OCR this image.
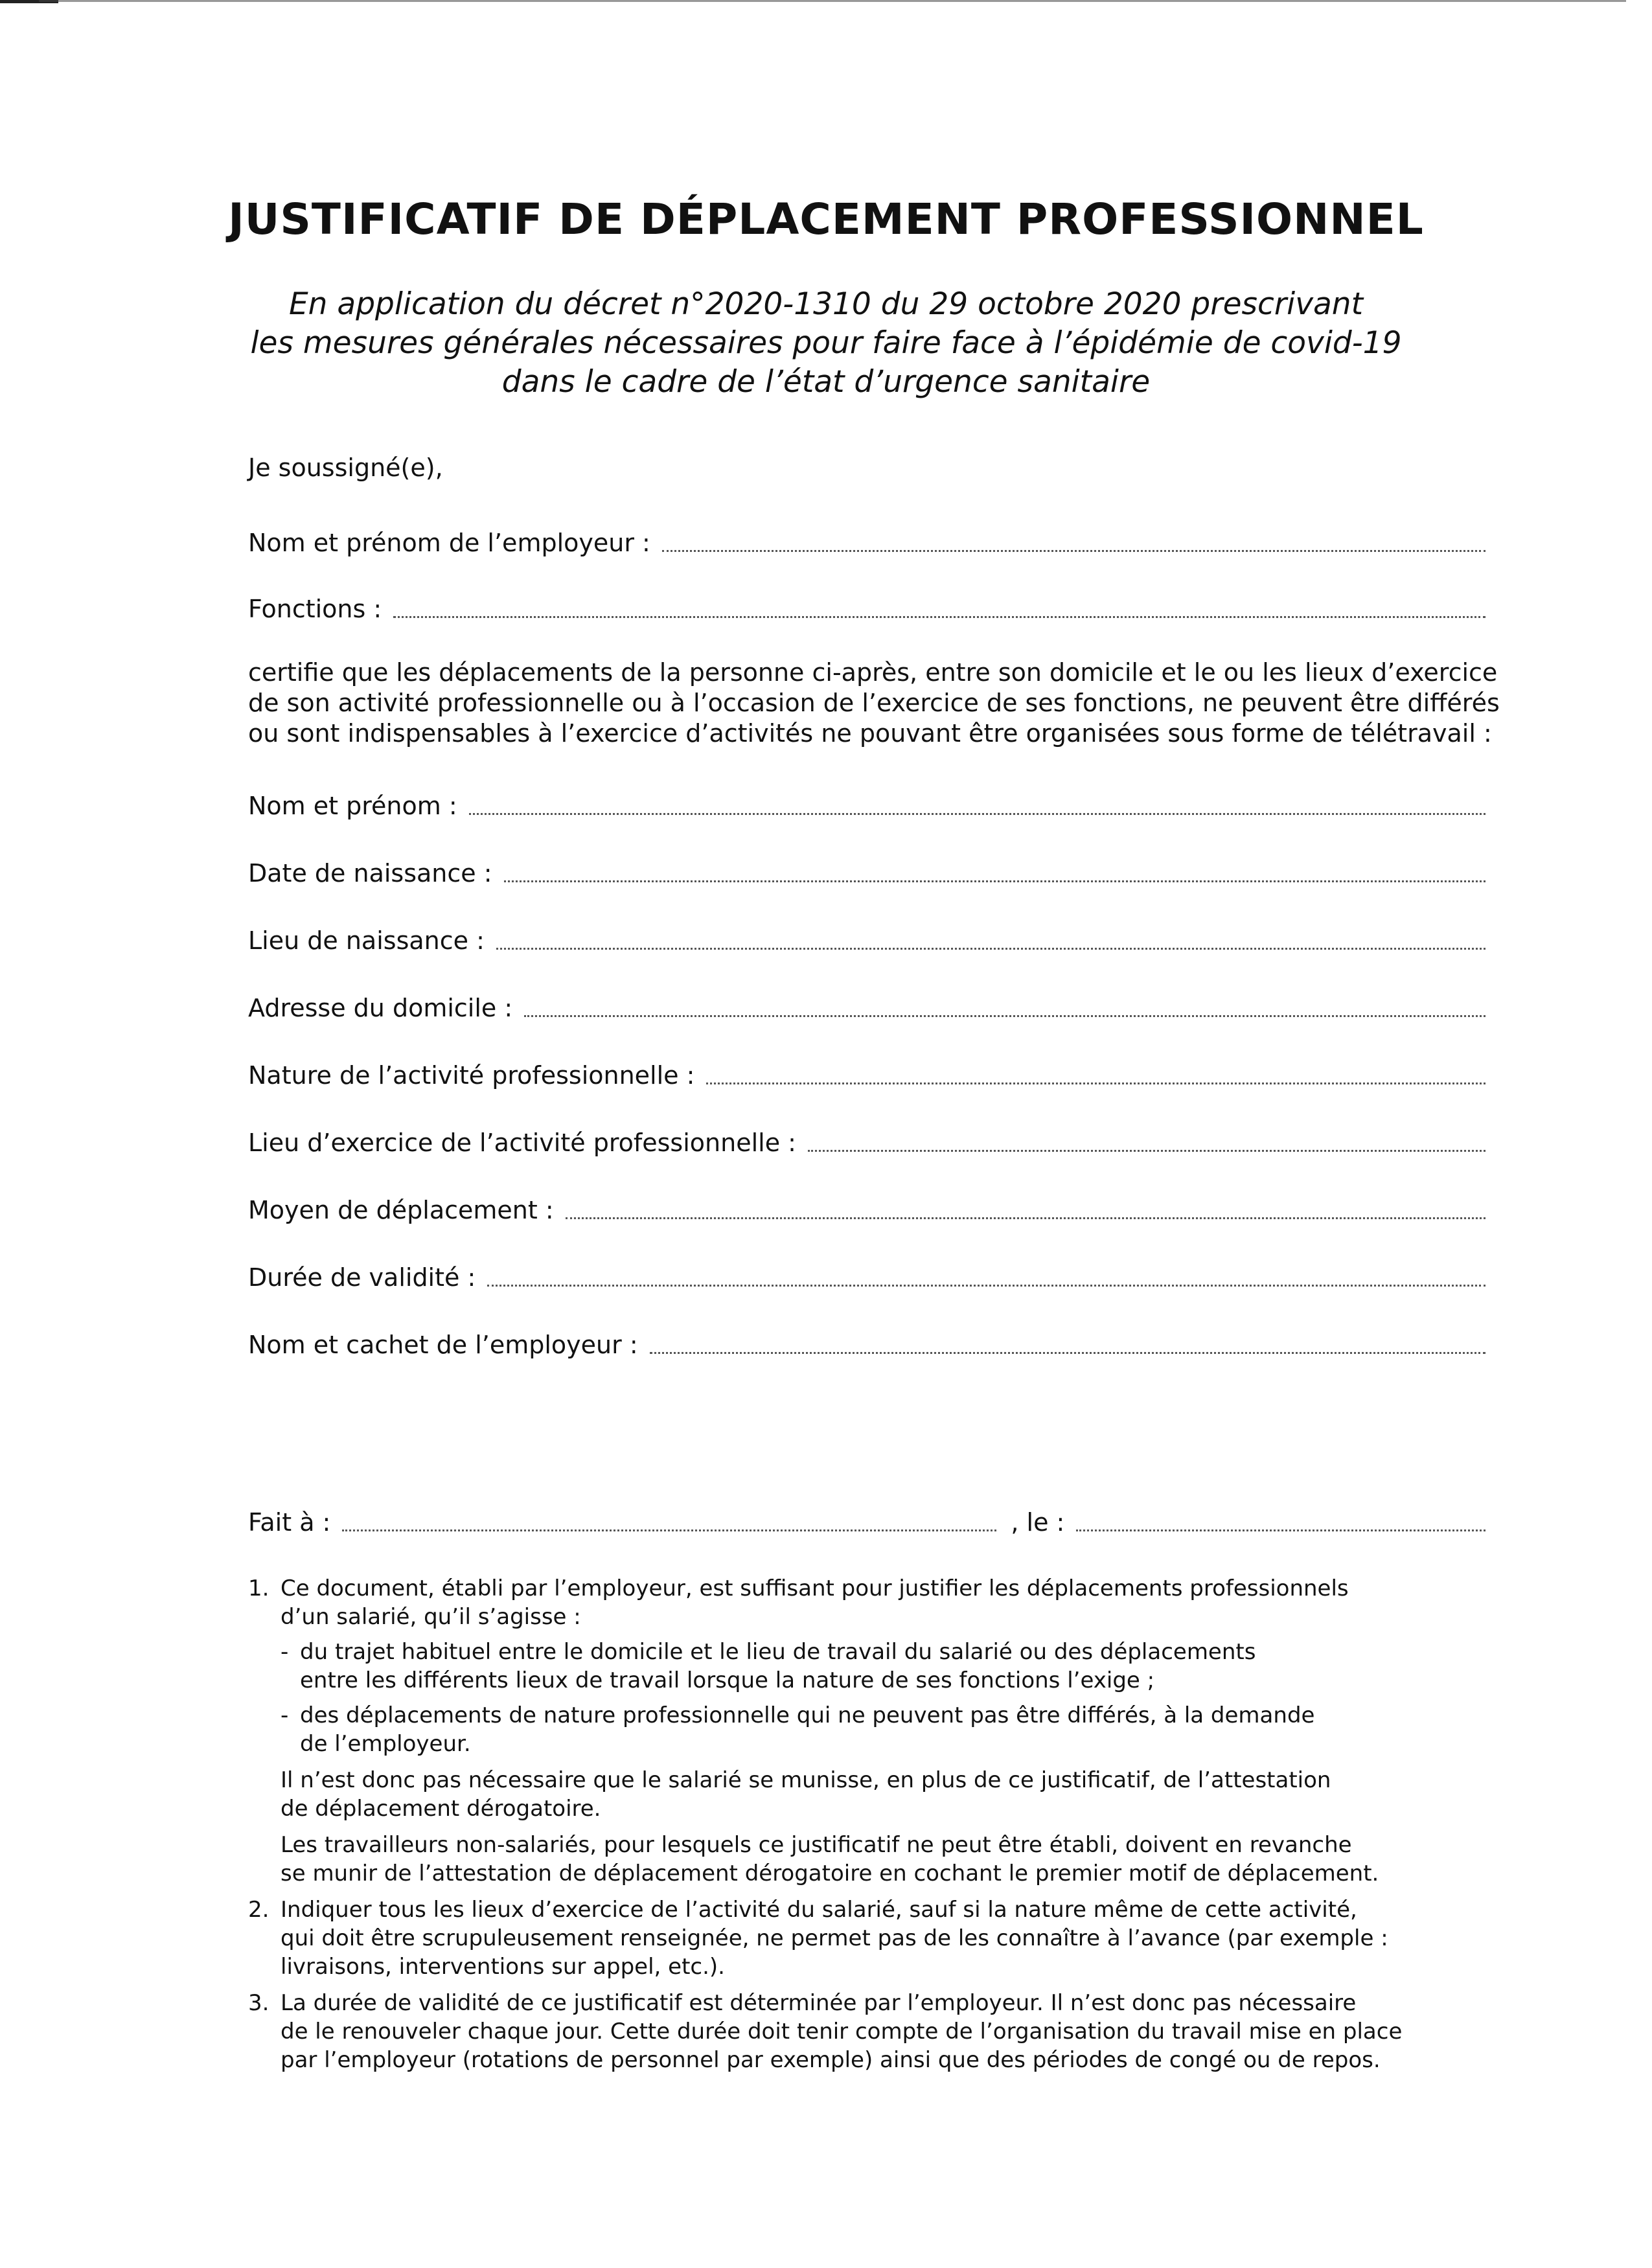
JUSTIFICATIF DE DÉPLACEMENT PROFESSIONNEL
En application du décret n°2020-1310 du 29 octobre 2020 prescrivant
les mesures générales nécessaires pour faire face à l’épidémie de covid-19
dans le cadre de l’état d’urgence sanitaire
Je soussigné(e),
Nom et prénom de l’employeur :
Fonctions :
certifie que les déplacements de la personne ci-après, entre son domicile et le ou les lieux d’exercice
de son activité professionnelle ou à l’occasion de l’exercice de ses fonctions, ne peuvent être différés
ou sont indispensables à l’exercice d’activités ne pouvant être organisées sous forme de télétravail :
Nom et prénom :
Date de naissance :
Lieu de naissance :
Adresse du domicile :
Nature de l’activité professionnelle :
Lieu d’exercice de l’activité professionnelle :
Moyen de déplacement :
Durée de validité :
Nom et cachet de l’employeur :
Fait à :	, le :
1. Ce document, établi par l’employeur, est suffisant pour justifier les déplacements professionnels
d’un salarié, qu’il s’agisse :
- du trajet habituel entre le domicile et le lieu de travail du salarié ou des déplacements
entre les différents lieux de travail lorsque la nature de ses fonctions l’exige ;
- des déplacements de nature professionnelle qui ne peuvent pas être différés, à la demande
de l’employeur.
Il n’est donc pas nécessaire que le salarié se munisse, en plus de ce justificatif, de l’attestation
de déplacement dérogatoire.
Les travailleurs non-salariés, pour lesquels ce justificatif ne peut être établi, doivent en revanche
se munir de l’attestation de déplacement dérogatoire en cochant le premier motif de déplacement.
2. Indiquer tous les lieux d’exercice de l’activité du salarié, sauf si la nature même de cette activité,
qui doit être scrupuleusement renseignée, ne permet pas de les connaître à l’avance (par exemple :
livraisons, interventions sur appel, etc.).
3. La durée de validité de ce justificatif est déterminée par l’employeur. Il n’est donc pas nécessaire
de le renouveler chaque jour. Cette durée doit tenir compte de l’organisation du travail mise en place
par l’employeur (rotations de personnel par exemple) ainsi que des périodes de congé ou de repos.
